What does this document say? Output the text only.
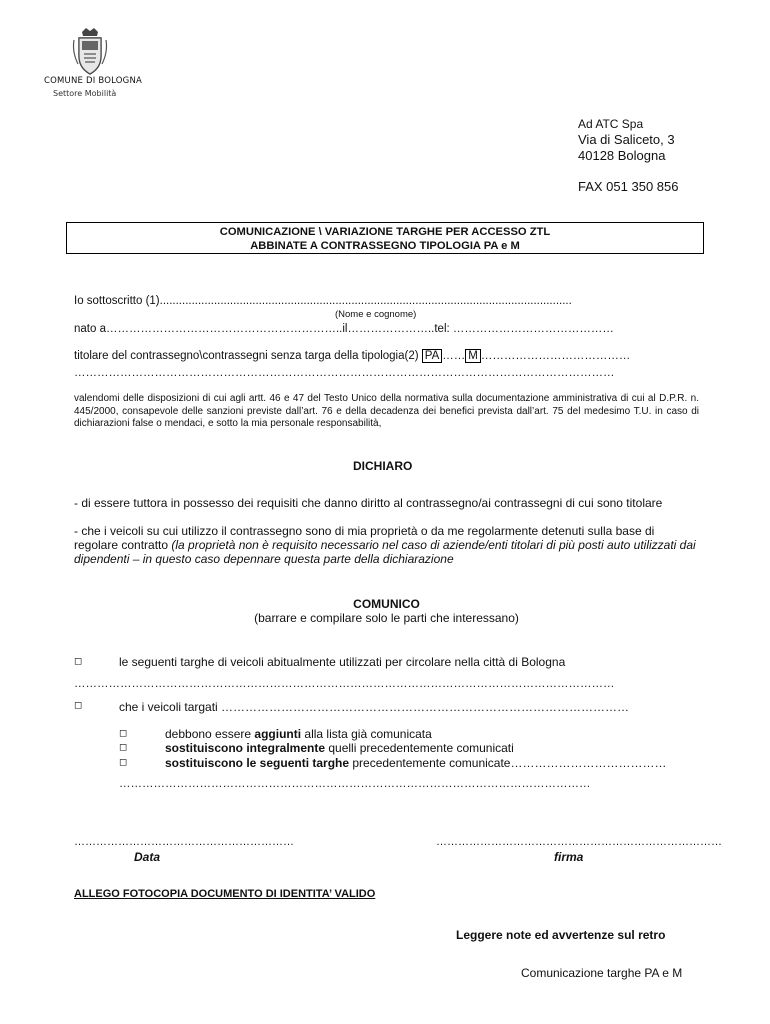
COMUNE DI BOLOGNA
Settore Mobilità
Ad ATC Spa
Via di Saliceto, 3
40128 Bologna
FAX 051 350 856
COMUNICAZIONE \ VARIAZIONE TARGHE PER ACCESSO ZTL
ABBINATE A CONTRASSEGNO TIPOLOGIA PA e M
Io sottoscritto (1).................................................................................................................................
(Nome e cognome)
nato a……………………………………………………..il…………………..tel: ……………………………………
titolare del contrassegno\contrassegni senza targa della tipologia(2) PA …… M …………………………………
……………………………………………………………………………………………………………………………
valendomi delle disposizioni di cui agli artt. 46 e 47 del Testo Unico della normativa sulla documentazione amministrativa di cui al D.P.R. n. 445/2000, consapevole delle sanzioni previste dall’art. 76 e della decadenza dei benefici prevista dall’art. 75 del medesimo T.U. in caso di dichiarazioni false o mendaci, e sotto la mia personale responsabilità,
DICHIARO
- di essere tuttora in possesso dei requisiti che danno diritto al contrassegno/ai contrassegni di cui sono titolare
- che i veicoli su cui utilizzo il contrassegno sono di mia proprietà o da me regolarmente detenuti sulla base di regolare contratto (la proprietà non è requisito necessario nel caso di aziende/enti titolari di più posti auto utilizzati dai dipendenti – in questo caso depennare questa parte della dichiarazione
COMUNICO
(barrare e compilare solo le parti che interessano)
◻	le seguenti targhe di veicoli abitualmente utilizzati per circolare nella città di Bologna
……………………………………………………………………………………………………………………………
◻	che i veicoli targati …………………………………………………………………………………………
◻	debbono essere aggiunti alla lista già comunicata
◻	sostituiscono integralmente quelli precedentemente comunicati
◻	sostituiscono le seguenti targhe precedentemente comunicate…………………………………
……………………………………………………………………………………………………………
……………………………………………………
Data
……………………………………………………………………
firma
ALLEGO FOTOCOPIA DOCUMENTO DI IDENTITA’ VALIDO
Leggere note ed avvertenze sul retro
Comunicazione targhe PA e M
